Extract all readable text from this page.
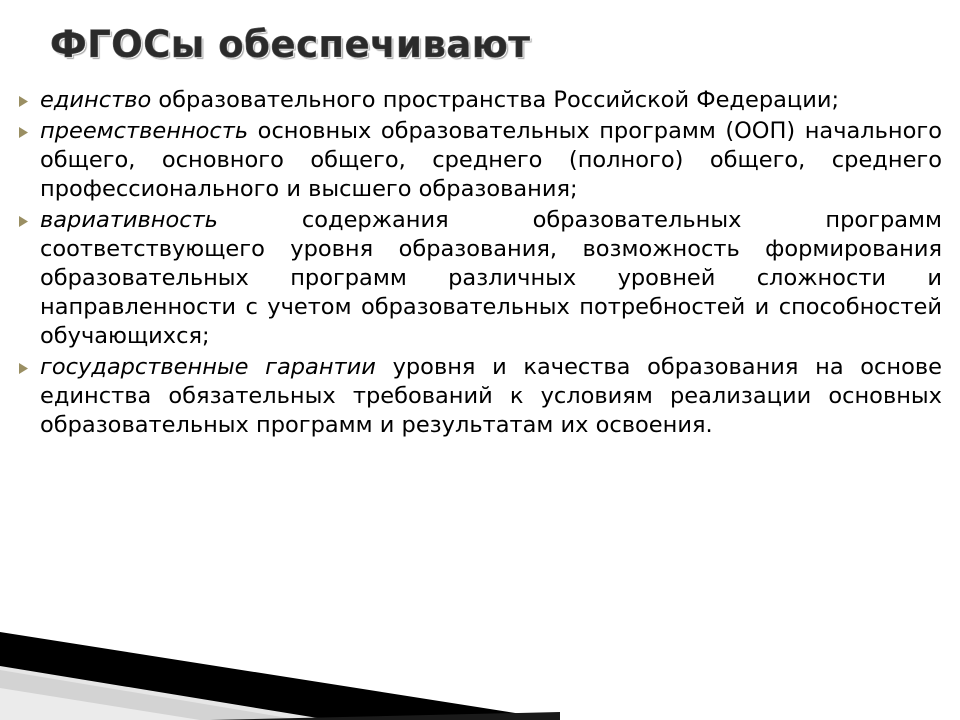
ФГОСы обеспечивают
единство образовательного пространства Российской Федерации;
преемственность основных образовательных программ (ООП) начального общего, основного общего, среднего (полного) общего, среднего профессионального и высшего образования;
вариативность содержания образовательных программ соответствующего уровня образования, возможность формирования образовательных программ различных уровней сложности и направленности с учетом образовательных потребностей и способностей обучающихся;
государственные гарантии уровня и качества образования на основе единства обязательных требований к условиям реализации основных образовательных программ и результатам их освоения.
